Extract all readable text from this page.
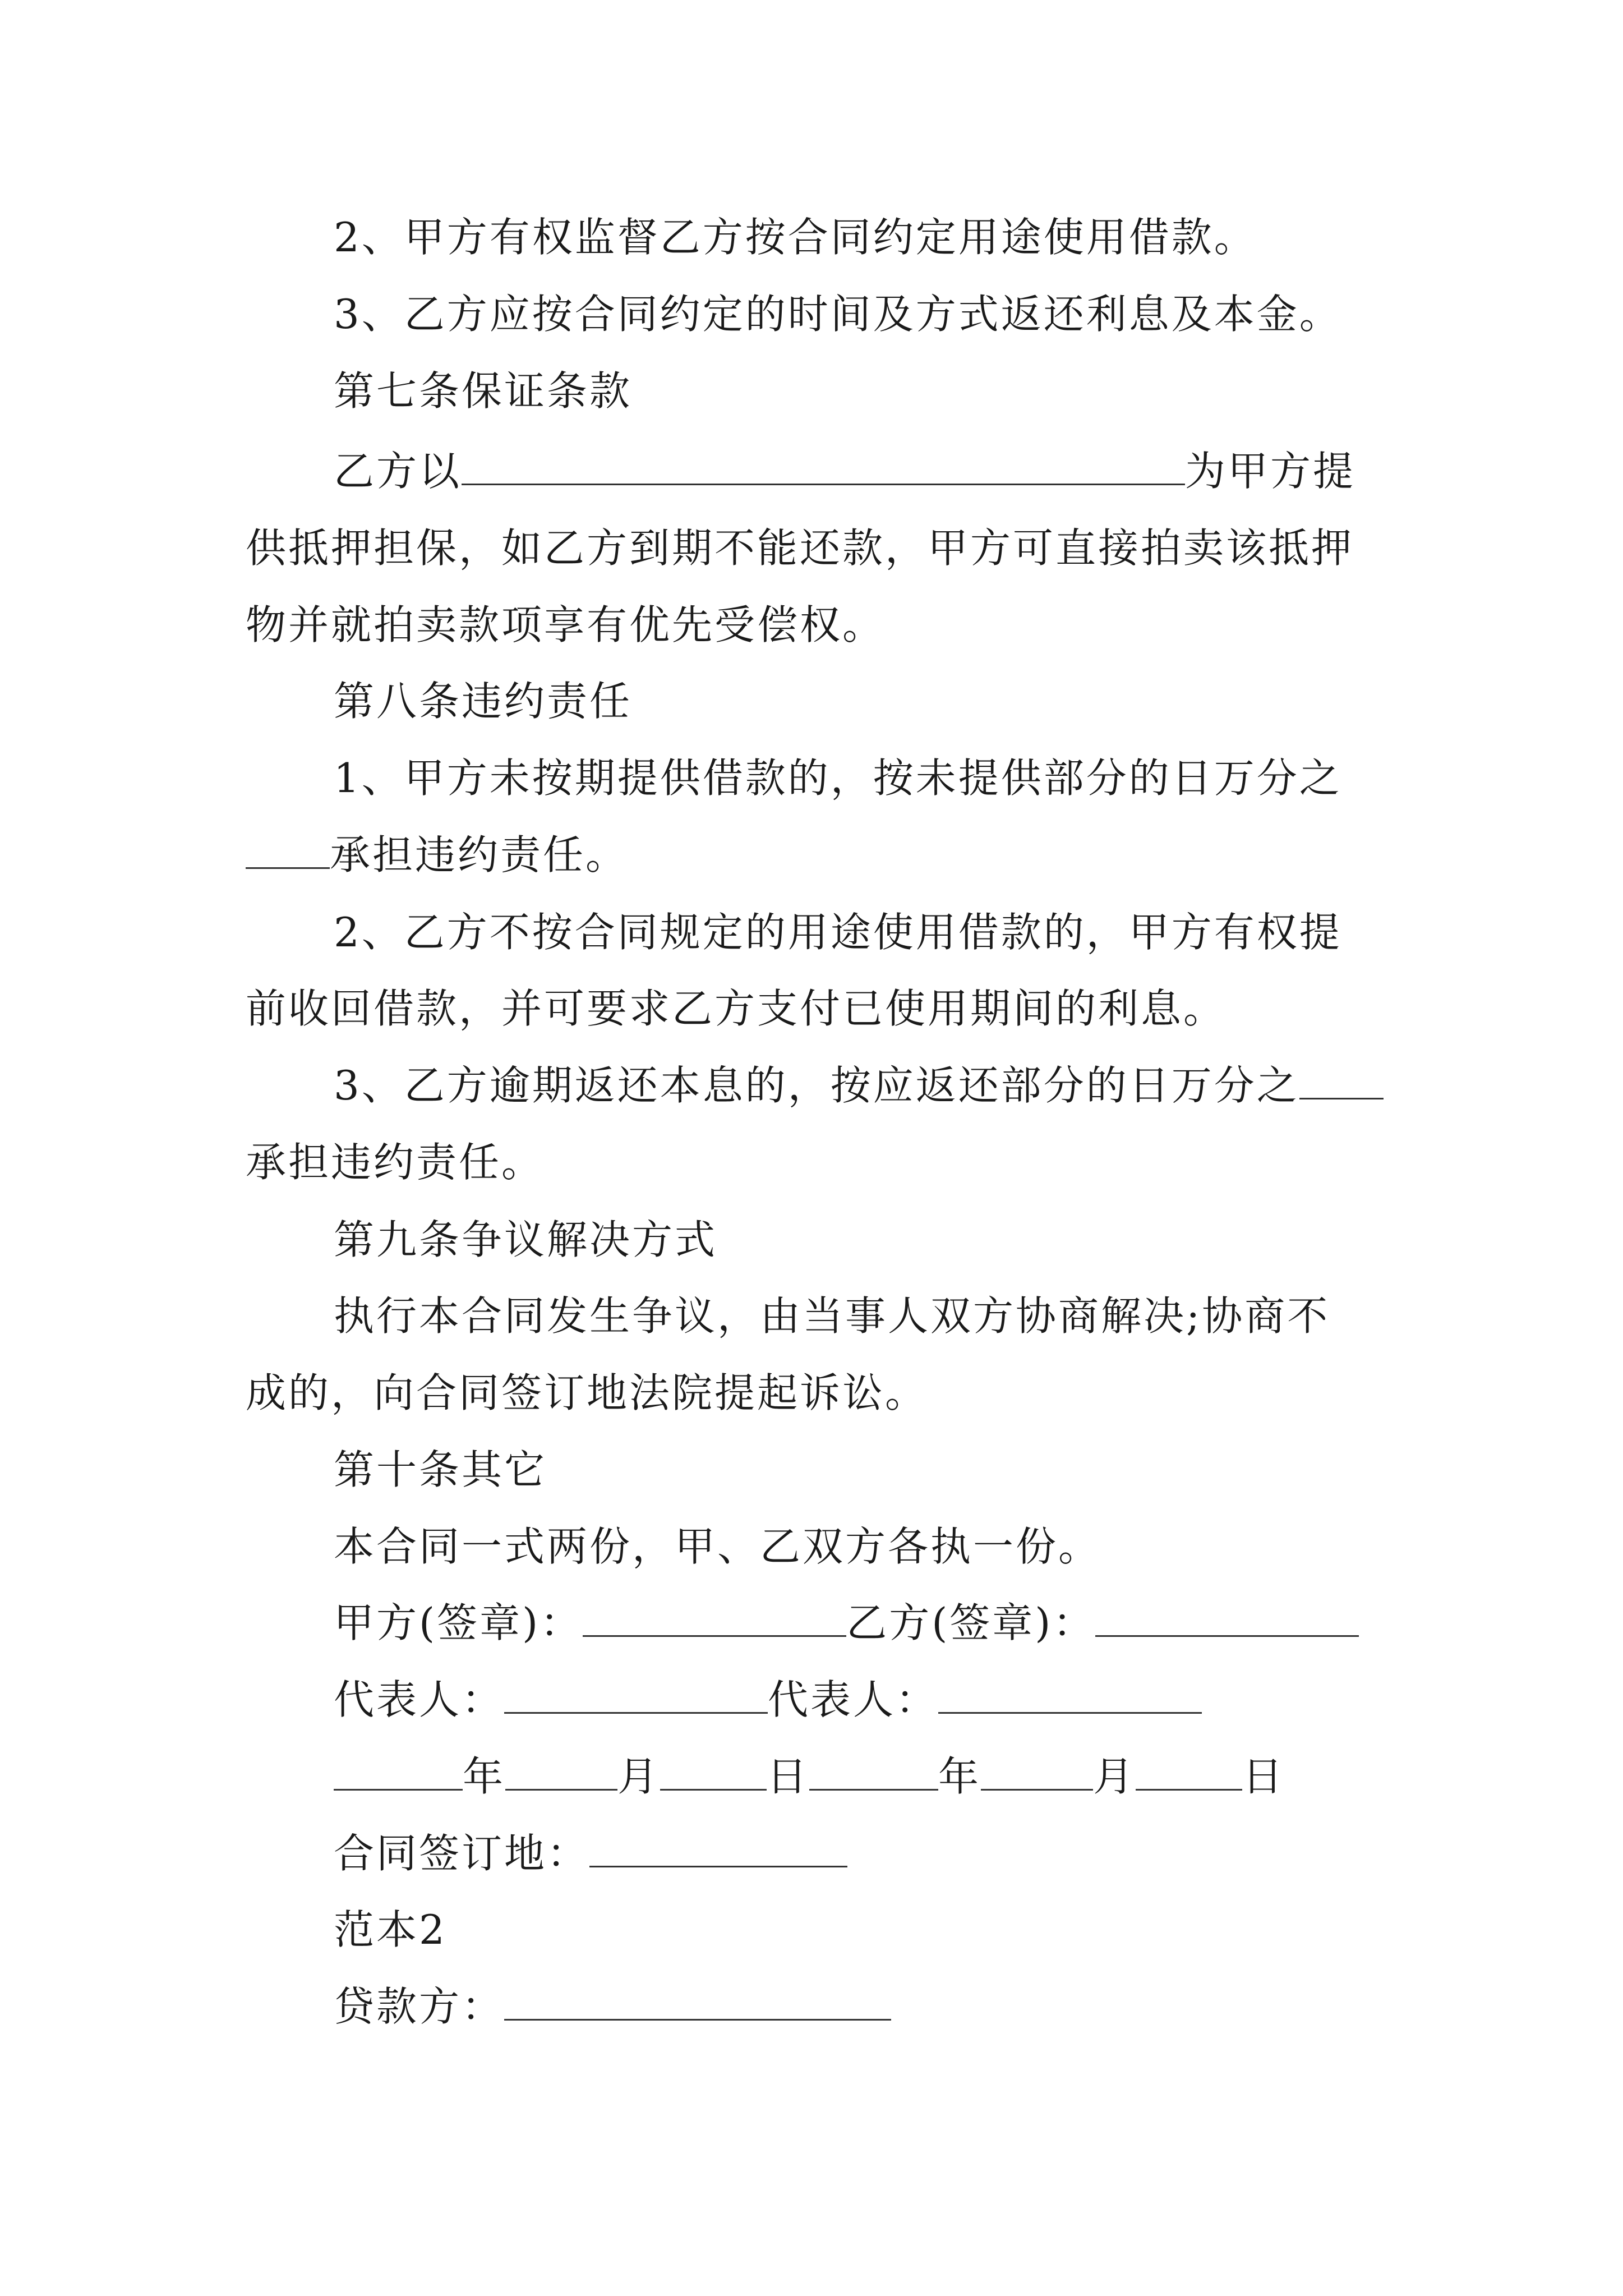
2、甲方有权监督乙方按合同约定用途使用借款。
3、乙方应按合同约定的时间及方式返还利息及本金。
第七条保证条款
乙方以	为甲方提
供抵押担保，如乙方到期不能还款，甲方可直接拍卖该抵押
物并就拍卖款项享有优先受偿权。
第八条违约责任
1、甲方未按期提供借款的，按未提供部分的日万分之
承担违约责任。
2、乙方不按合同规定的用途使用借款的，甲方有权提
前收回借款，并可要求乙方支付已使用期间的利息。
3、乙方逾期返还本息的，按应返还部分的日万分之
承担违约责任。
第九条争议解决方式
执行本合同发生争议，由当事人双方协商解决;协商不
成的，向合同签订地法院提起诉讼。
第十条其它
本合同一式两份，甲、乙双方各执一份。
甲方(签章)：	乙方(签章)：
代表人：	代表人：
年	月	日	年	月	日
合同签订地：
范本2
贷款方：
